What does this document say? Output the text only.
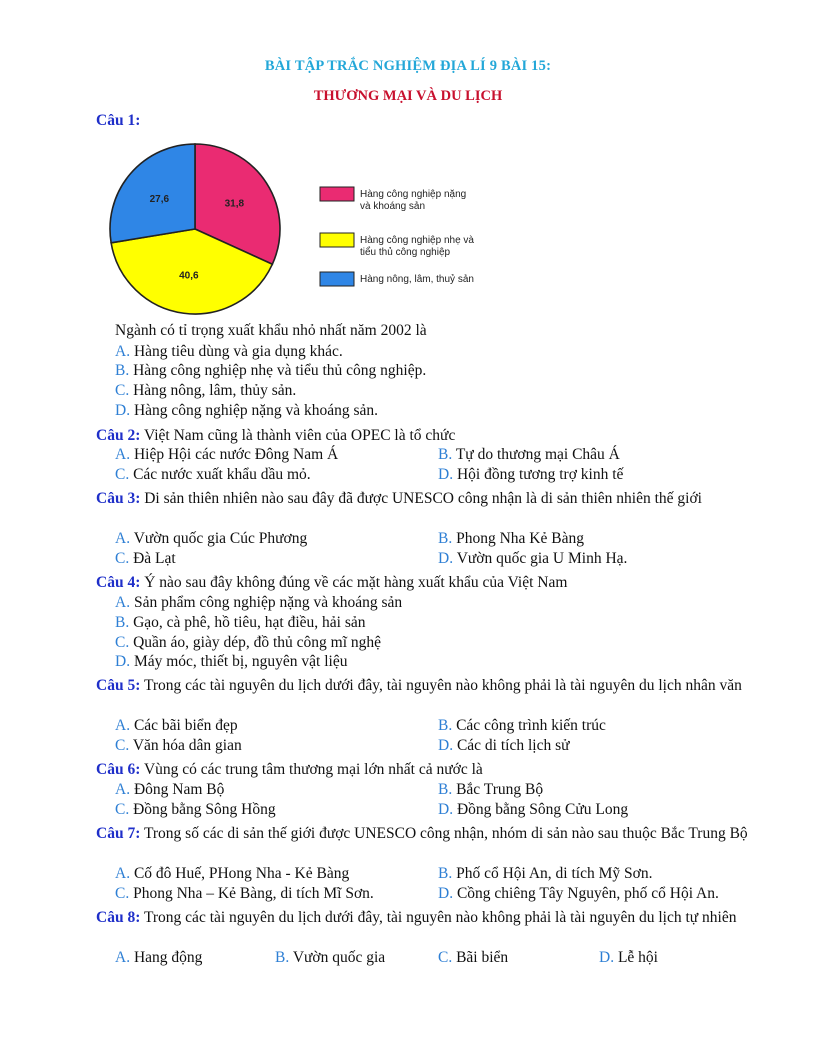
BÀI TẬP TRẮC NGHIỆM ĐỊA LÍ 9 BÀI 15:
THƯƠNG MẠI VÀ DU LỊCH
Câu 1:
31,8
40,6
27,6	Hàng công nghiệp nặng
và khoáng sản
Hàng công nghiệp nhẹ và
tiểu thủ công nghiệp
Hàng nông, lâm, thuỷ sản
Ngành có tỉ trọng xuất khẩu nhỏ nhất năm 2002 là
A. Hàng tiêu dùng và gia dụng khác.
B. Hàng công nghiệp nhẹ và tiểu thủ công nghiệp.
C. Hàng nông, lâm, thủy sản.
D. Hàng công nghiệp nặng và khoáng sản.
Câu 2: Việt Nam cũng là thành viên của OPEC là tổ chức
A. Hiệp Hội các nước Đông Nam Á	B. Tự do thương mại Châu Á
C. Các nước xuất khẩu dầu mỏ.	D. Hội đồng tương trợ kinh tế
Câu 3: Di sản thiên nhiên nào sau đây đã được UNESCO công nhận là di sản thiên nhiên thế giới
A. Vườn quốc gia Cúc Phương	B. Phong Nha Kẻ Bàng
C. Đà Lạt	D. Vườn quốc gia U Minh Hạ.
Câu 4: Ý nào sau đây không đúng về các mặt hàng xuất khẩu của Việt Nam
A. Sản phẩm công nghiệp nặng và khoáng sản
B. Gạo, cà phê, hồ tiêu, hạt điều, hải sản
C. Quần áo, giày dép, đồ thủ công mĩ nghệ
D. Máy móc, thiết bị, nguyên vật liệu
Câu 5: Trong các tài nguyên du lịch dưới đây, tài nguyên nào không phải là tài nguyên du lịch nhân văn
A. Các bãi biển đẹp	B. Các công trình kiến trúc
C. Văn hóa dân gian	D. Các di tích lịch sử
Câu 6: Vùng có các trung tâm thương mại lớn nhất cả nước là
A. Đông Nam Bộ	B. Bắc Trung Bộ
C. Đồng bằng Sông Hồng	D. Đồng bằng Sông Cửu Long
Câu 7: Trong số các di sản thế giới được UNESCO công nhận, nhóm di sản nào sau thuộc Bắc Trung Bộ
A. Cố đô Huế, PHong Nha - Kẻ Bàng	B. Phố cổ Hội An, di tích Mỹ Sơn.
C. Phong Nha – Kẻ Bàng, di tích Mĩ Sơn.	D. Cồng chiêng Tây Nguyên, phố cổ Hội An.
Câu 8: Trong các tài nguyên du lịch dưới đây, tài nguyên nào không phải là tài nguyên du lịch tự nhiên
A. Hang động	B. Vườn quốc gia	C. Bãi biển	D. Lễ hội
